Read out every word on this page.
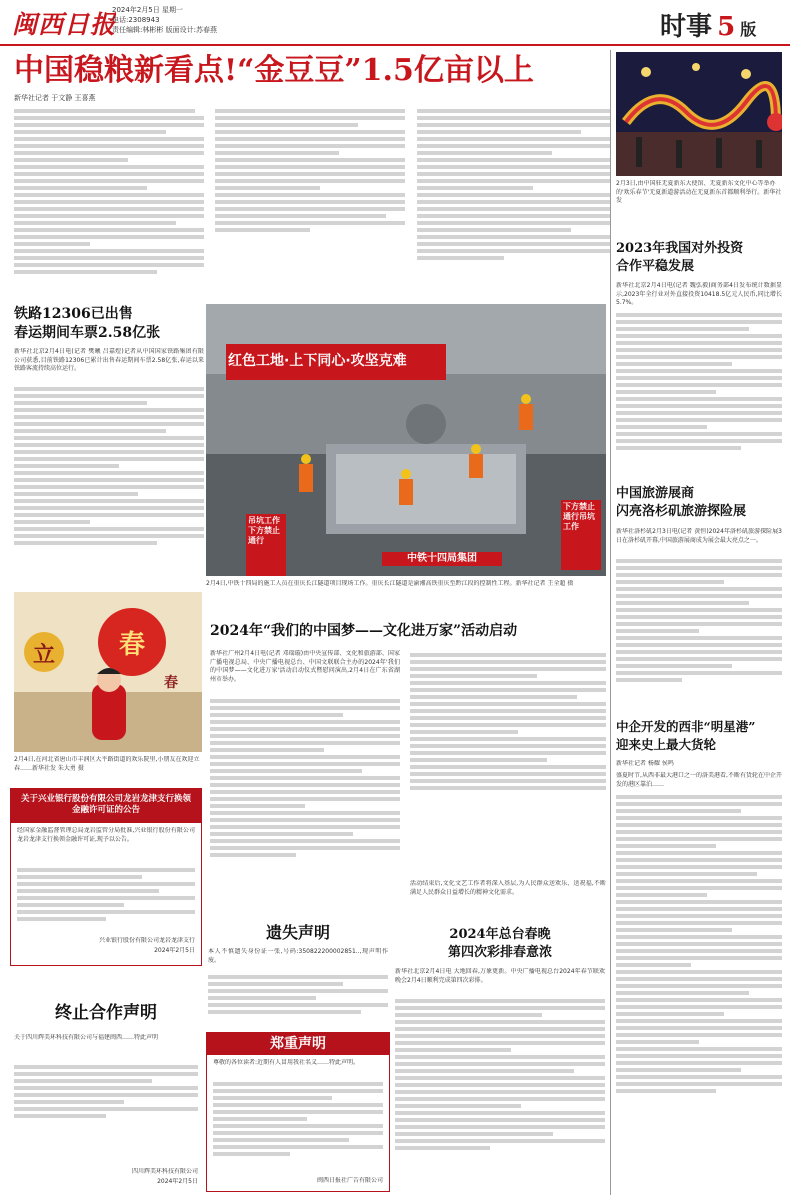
闽西日报
2024年2月5日 星期一
电话:2308943
责任编辑:林彬彬 版面设计:苏春燕	时事 5 版
中国稳粮新看点!“金豆豆”1.5亿亩以上
新华社记者 于文静 王喜燕
2月3日,由中国驻无夏新东大使馆、无夏新东文化中心等举办的'欢乐春节'无夏新道游活动在无夏新东首都顺利举行。新华社发
2023年我国对外投资
合作平稳发展
新华社北京2月4日电(记者 魏弘毅)商务部4日发布统计数据显示,2023年全行业对外直接投资10418.5亿元人民币,同比增长5.7%。
中国旅游展商
闪亮洛杉矶旅游探险展
新华社洛杉矶2月3日电(记者 黄恒)2024年洛杉矶旅游探险展3日在洛杉矶开幕,中国旅游展商成为展会最大亮点之一。
中企开发的西非“明星港”
迎来史上最大货轮
新华社记者 杨耀 侯鸣
盛夏时节,从西非最大港口之一的洛美港看,不断有货轮在中企开发的港区靠泊……
铁路12306已出售
春运期间车票2.58亿张
新华社北京2月4日电(记者 樊曦 吕嘉煜)记者从中国国家铁路集团有限公司获悉,目前铁路12306已累计出售春运期间车票2.58亿张,春运以来铁路客流持续高位运行。
春
立
春
2月4日,在河北省唐山市丰润区大平路街道的欢乐院里,小朋友在欢迎立春……新华社发 朱大勇 摄
红色工地·上下同心·攻坚克难
吊坑工作下方禁止通行
下方禁止通行吊坑工作
中铁十四局集团
2月4日,中铁十四局的施工人员在重庆长江隧道项目现场工作。重庆长江隧道是渝湘高铁重庆至黔江段的控制性工程。新华社记者 王全超 摄
2024年“我们的中国梦——文化进万家”活动启动
新华社广州2月4日电(记者 邓瑞璇)由中央宣传部、文化和旅游部、国家广播电视总局、中央广播电视总台、中国文联联合主办的2024年'我们的中国梦——文化进万家'活动启动仪式暨慰问演出,2月4日在广东省湖州市举办。
活动结束后,文化文艺工作者将深入基层,为人民群众送欢乐、送祝福,不断满足人民群众日益增长的精神文化需求。
2024年总台春晚
第四次彩排春意浓
新华社北京2月4日电 大地回春,万象更新。中央广播电视总台2024年春节联欢晚会2月4日顺利完成第四次彩排。
关于兴业银行股份有限公司龙岩龙津支行换领金融许可证的公告
经国家金融监督管理总局龙岩监管分局批准,兴业银行股份有限公司龙岩龙津支行换领金融许可证,现予以公告。
兴业银行股份有限公司龙岩龙津支行
2024年2月5日
遗失声明
本人不慎遗失身份证一张,号码:350822200002851..,现声明作废。
郑重声明
尊敬的各位读者:近期有人冒用我社名义……特此声明。
闽西日报社广告有限公司
终止合作声明
关于四川辉美环科技有限公司与福建闽西……特此声明
四川辉美环科技有限公司
2024年2月5日
